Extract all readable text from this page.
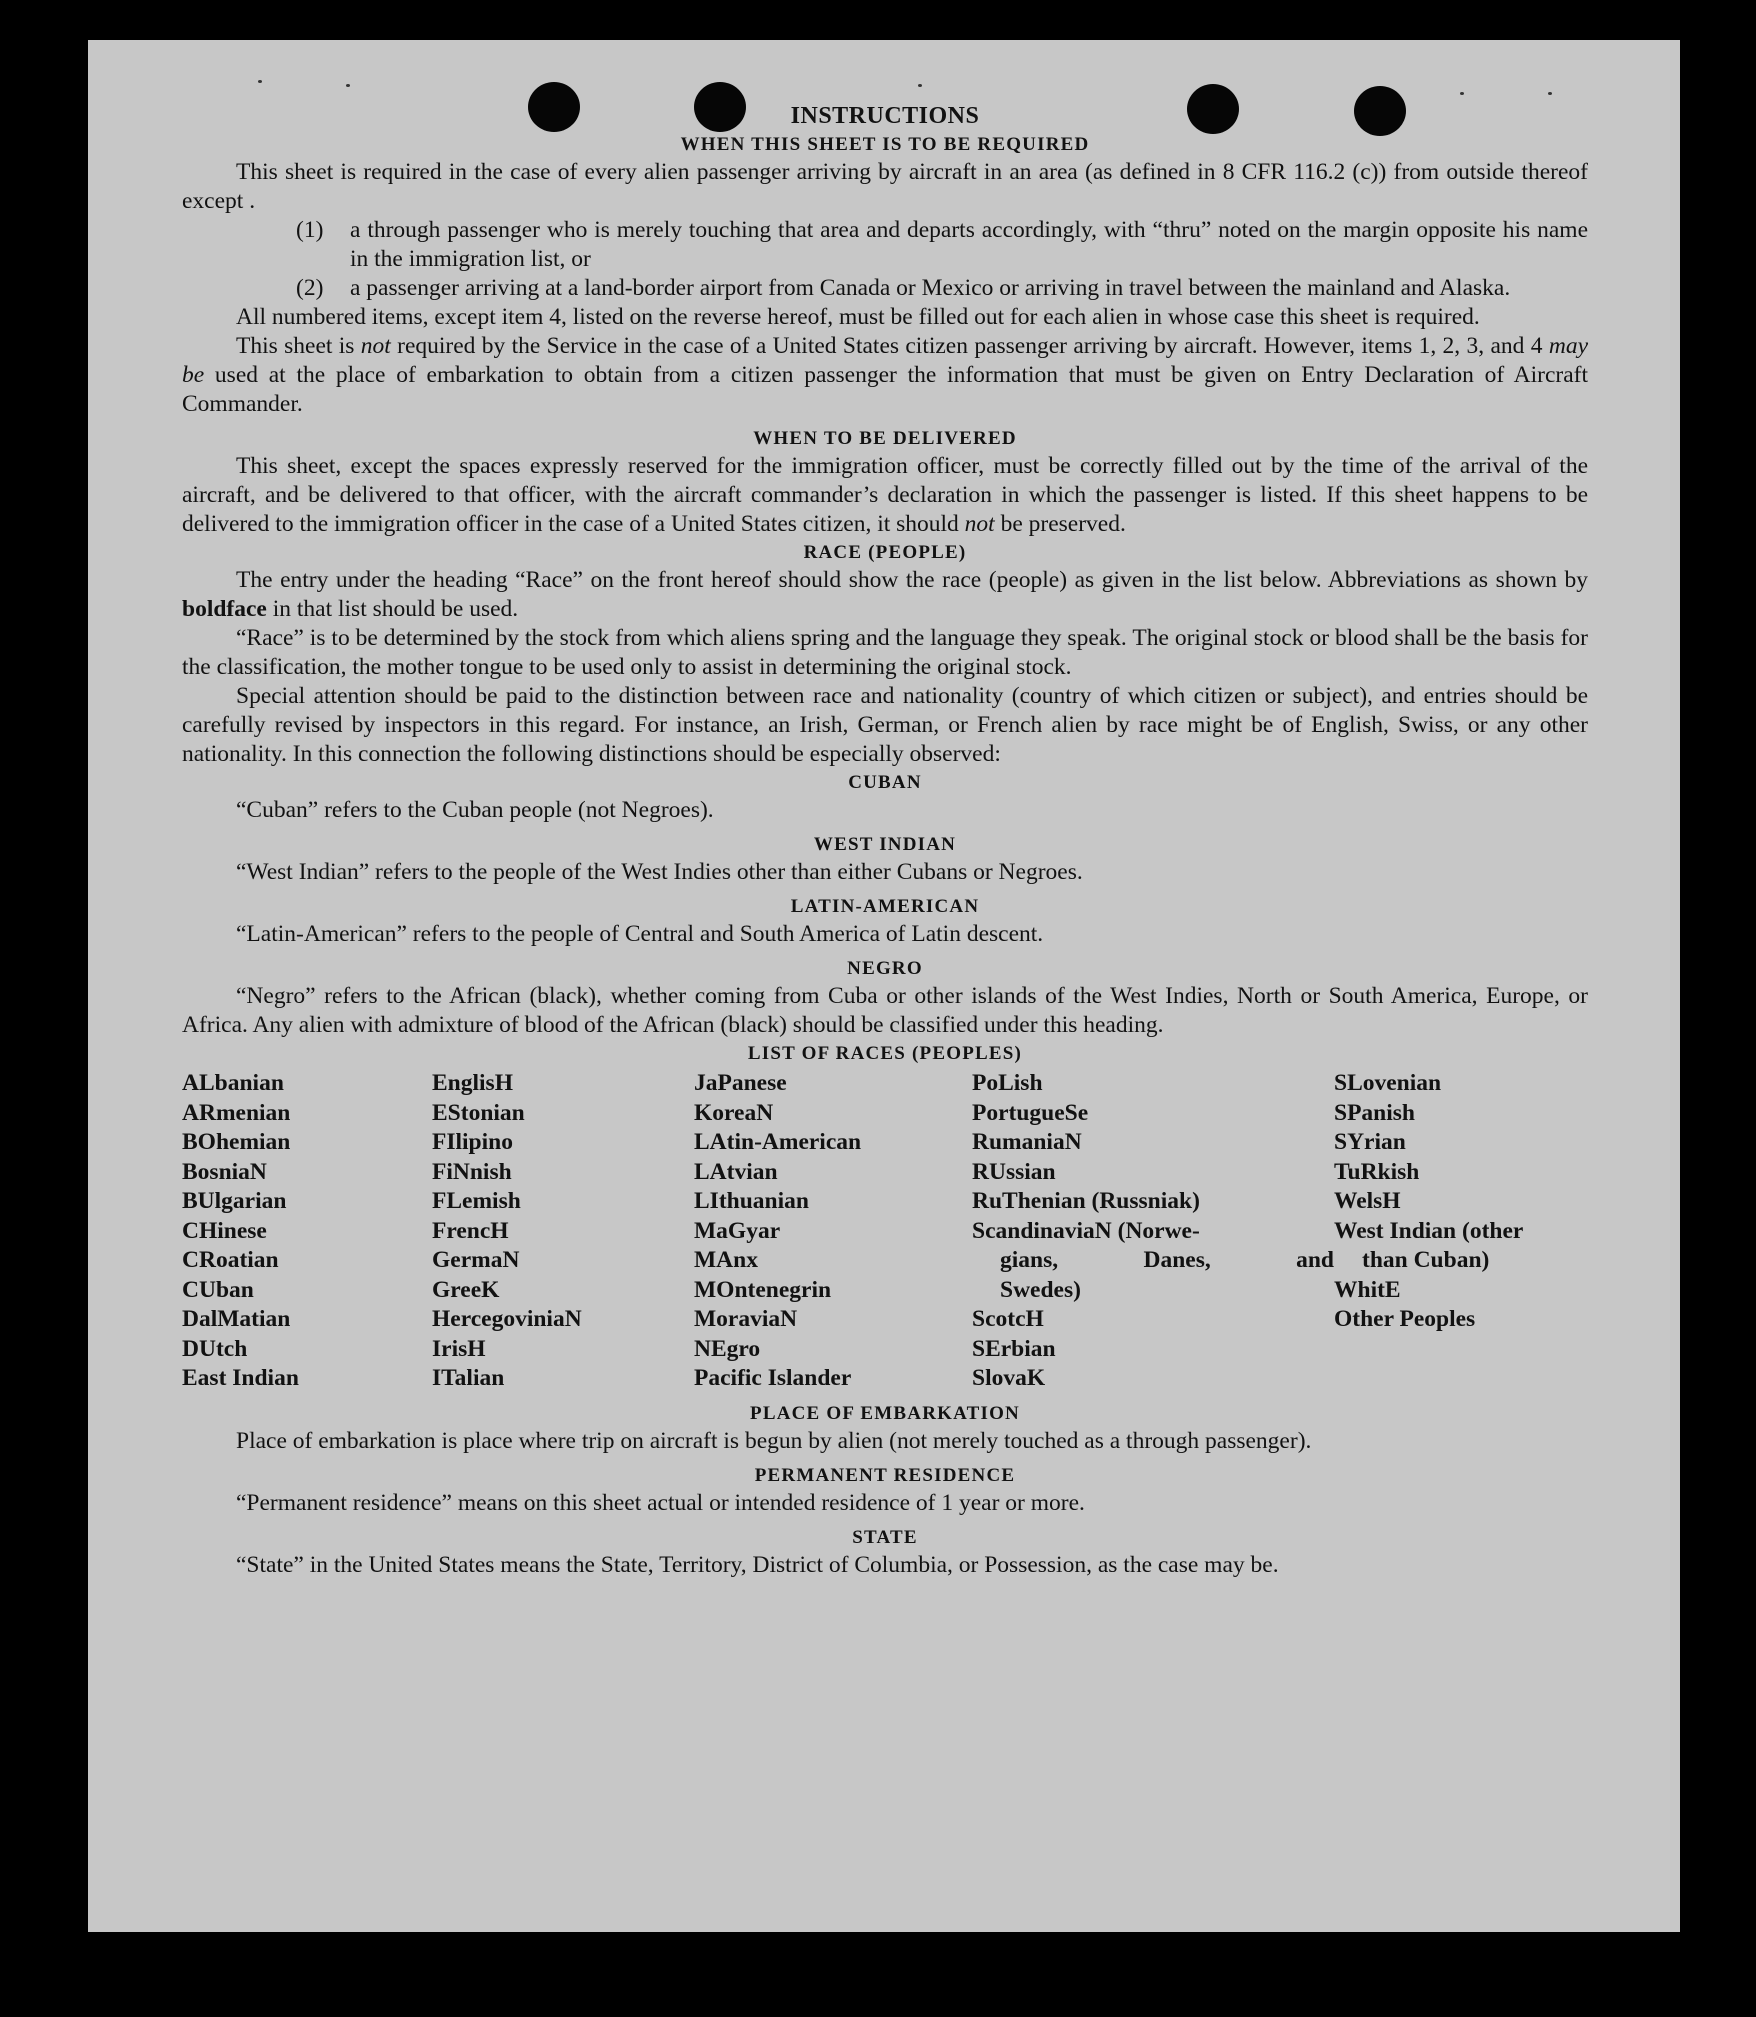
INSTRUCTIONS
WHEN THIS SHEET IS TO BE REQUIRED
This sheet is required in the case of every alien passenger arriving by aircraft in an area (as defined in 8 CFR 116.2 (c)) from outside thereof except .
(1)	a through passenger who is merely touching that area and departs accordingly, with “thru” noted on the margin opposite his name in the immigration list, or
(2)	a passenger arriving at a land-border airport from Canada or Mexico or arriving in travel between the mainland and Alaska.
All numbered items, except item 4, listed on the reverse hereof, must be filled out for each alien in whose case this sheet is required.
This sheet is not required by the Service in the case of a United States citizen passenger arriving by aircraft. However, items 1, 2, 3, and 4 may be used at the place of embarkation to obtain from a citizen passenger the information that must be given on Entry Declaration of Aircraft Commander.
WHEN TO BE DELIVERED
This sheet, except the spaces expressly reserved for the immigration officer, must be correctly filled out by the time of the arrival of the aircraft, and be delivered to that officer, with the aircraft commander’s declaration in which the passenger is listed. If this sheet happens to be delivered to the immigration officer in the case of a United States citizen, it should not be preserved.
RACE (PEOPLE)
The entry under the heading “Race” on the front hereof should show the race (people) as given in the list below. Abbreviations as shown by boldface in that list should be used.
“Race” is to be determined by the stock from which aliens spring and the language they speak. The original stock or blood shall be the basis for the classification, the mother tongue to be used only to assist in determining the original stock.
Special attention should be paid to the distinction between race and nationality (country of which citizen or subject), and entries should be carefully revised by inspectors in this regard. For instance, an Irish, German, or French alien by race might be of English, Swiss, or any other nationality. In this connection the following distinctions should be especially observed:
CUBAN
“Cuban” refers to the Cuban people (not Negroes).
WEST INDIAN
“West Indian” refers to the people of the West Indies other than either Cubans or Negroes.
LATIN-AMERICAN
“Latin-American” refers to the people of Central and South America of Latin descent.
NEGRO
“Negro” refers to the African (black), whether coming from Cuba or other islands of the West Indies, North or South America, Europe, or Africa. Any alien with admixture of blood of the African (black) should be classified under this heading.
LIST OF RACES (PEOPLES)
ALbanian
ARmenian
BOhemian
BosniaN
BUlgarian
CHinese
CRoatian
CUban
DalMatian
DUtch
East Indian
EnglisH
EStonian
FIlipino
FiNnish
FLemish
FrencH
GermaN
GreeK
HercegoviniaN
IrisH
ITalian
JaPanese
KoreaN
LAtin-American
LAtvian
LIthuanian
MaGyar
MAnx
MOntenegrin
MoraviaN
NEgro
Pacific Islander
PoLish
PortugueSe
RumaniaN
RUssian
RuThenian (Russniak)
ScandinaviaN (Norwe-
gians, Danes, and
Swedes)
ScotcH
SErbian
SlovaK
SLovenian
SPanish
SYrian
TuRkish
WelsH
West Indian (other
than Cuban)
WhitE
Other Peoples
PLACE OF EMBARKATION
Place of embarkation is place where trip on aircraft is begun by alien (not merely touched as a through passenger).
PERMANENT RESIDENCE
“Permanent residence” means on this sheet actual or intended residence of 1 year or more.
STATE
“State” in the United States means the State, Territory, District of Columbia, or Possession, as the case may be.
